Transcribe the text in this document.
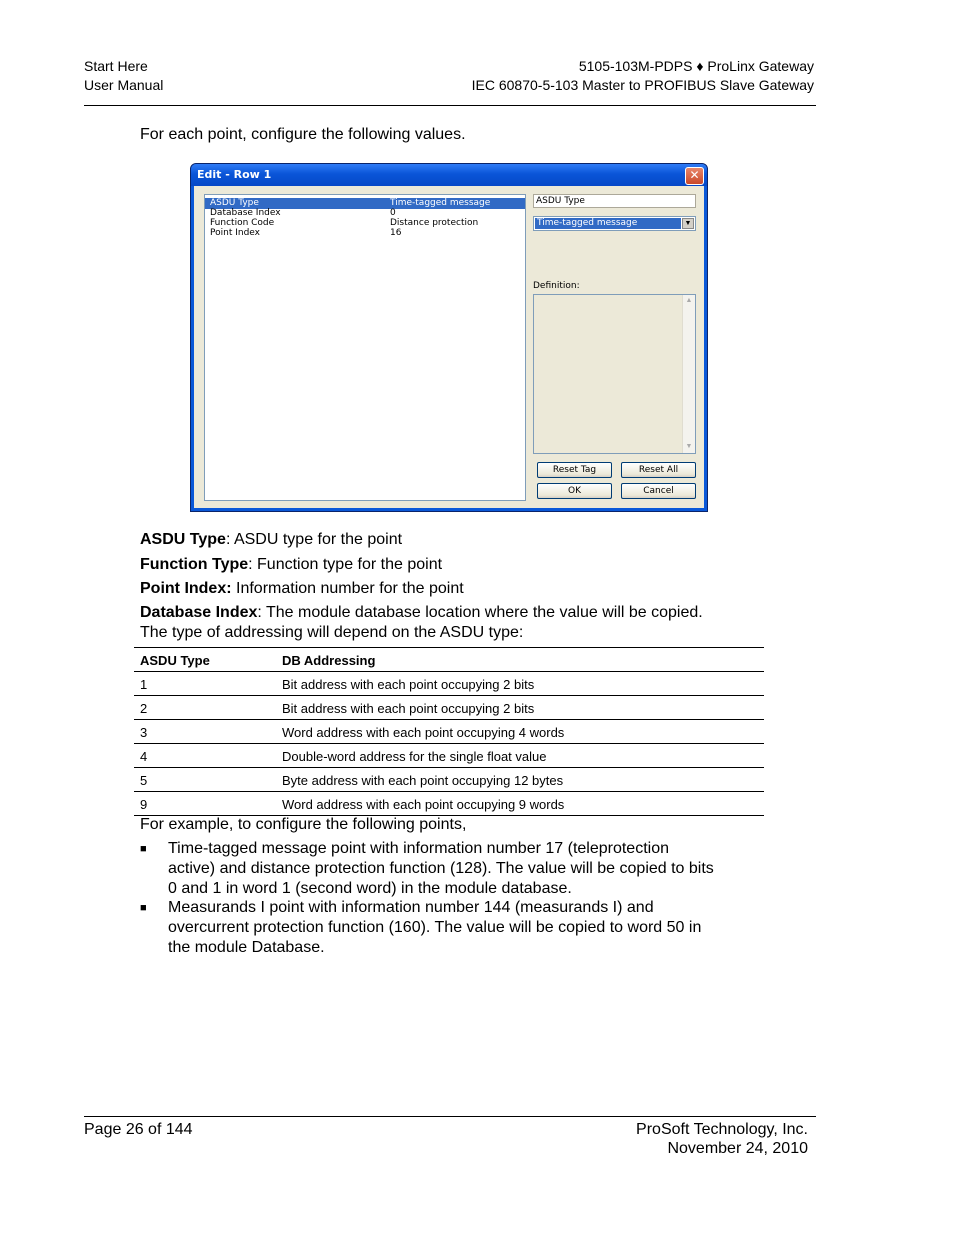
Start Here
User Manual
5105-103M-PDPS ♦ ProLinx Gateway
IEC 60870-5-103 Master to PROFIBUS Slave Gateway
For each point, configure the following values.
Edit - Row 1	✕
ASDU Type	Time-tagged message
Database Index	0
Function Code	Distance protection
Point Index	16
ASDU Type
Time-tagged message	▼
Definition:
▲
▼
Reset Tag	Reset All
OK	Cancel
ASDU Type: ASDU type for the point
Function Type: Function type for the point
Point Index: Information number for the point
Database Index: The module database location where the value will be copied.
The type of addressing will depend on the ASDU type:
ASDU Type	DB Addressing
1	Bit address with each point occupying 2 bits
2	Bit address with each point occupying 2 bits
3	Word address with each point occupying 4 words
4	Double-word address for the single float value
5	Byte address with each point occupying 12 bytes
9	Word address with each point occupying 9 words
For example, to configure the following points,
■ Time-tagged message point with information number 17 (teleprotection
active) and distance protection function (128). The value will be copied to bits
0 and 1 in word 1 (second word) in the module database.
■ Measurands I point with information number 144 (measurands I) and
overcurrent protection function (160). The value will be copied to word 50 in
the module Database.
Page 26 of 144	ProSoft Technology, Inc.
November 24, 2010
